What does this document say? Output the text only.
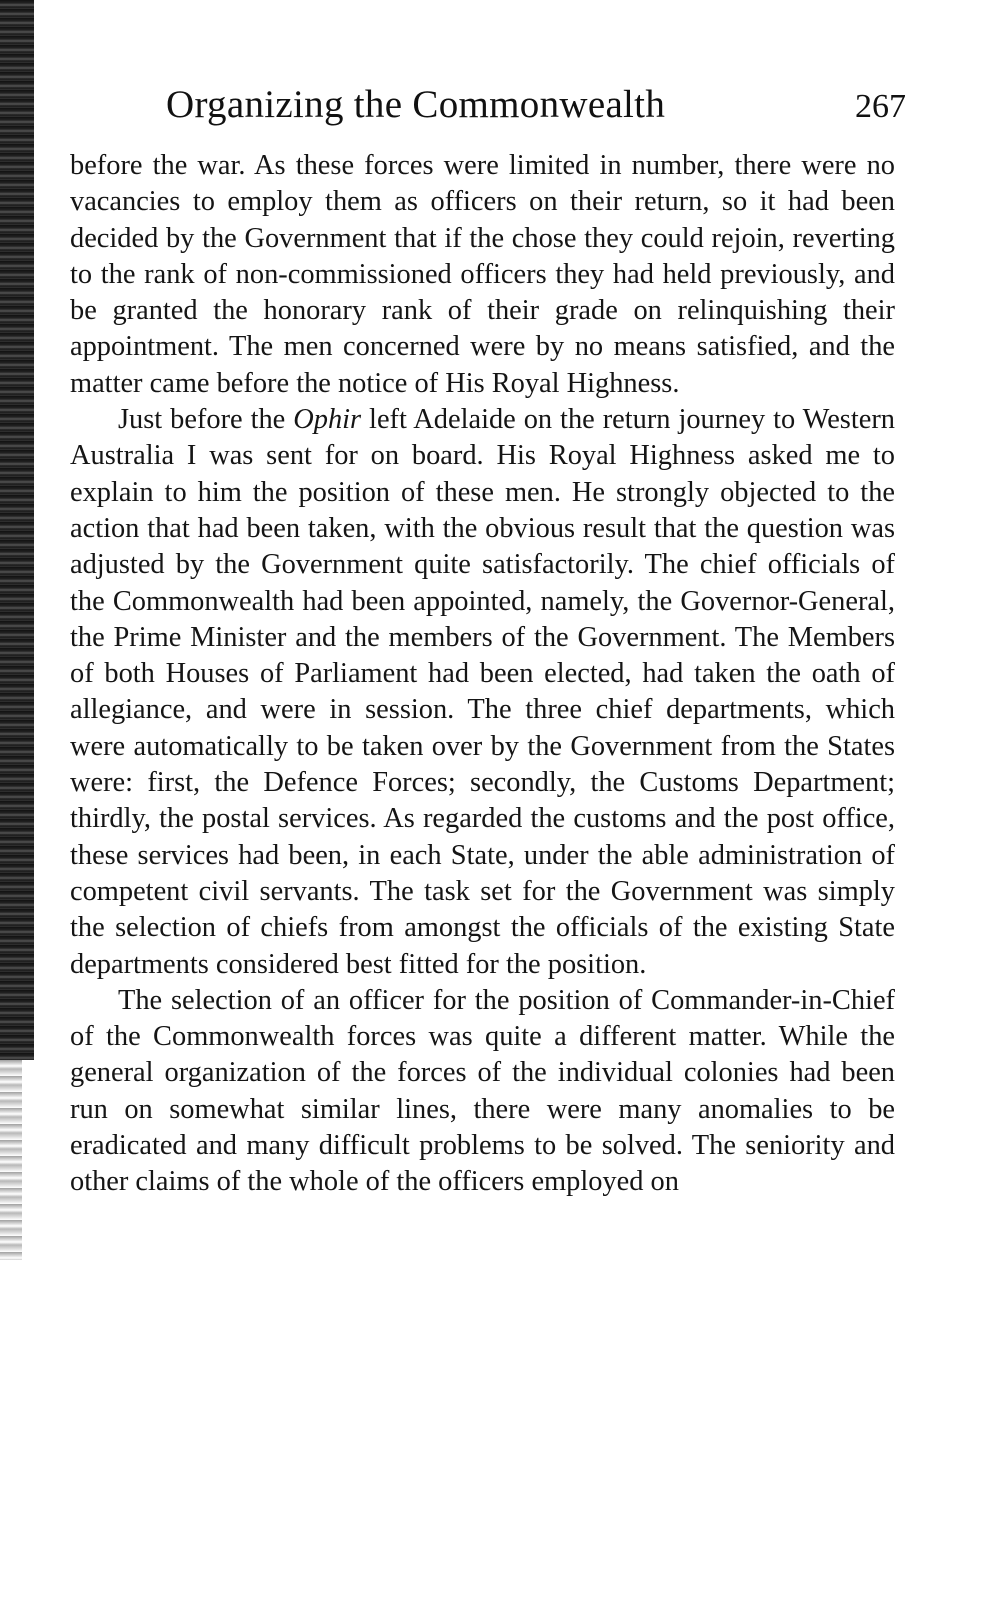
Organizing the Commonwealth	267

before the war. As these forces were limited in number, there were no vacancies to employ them as officers on their return, so it had been decided by the Government that if the chose they could rejoin, reverting to the rank of non-commissioned officers they had held previously, and be granted the honorary rank of their grade on relinquishing their appointment. The men concerned were by no means satisfied, and the matter came before the notice of His Royal Highness.

Just before the Ophir left Adelaide on the return journey to Western Australia I was sent for on board. His Royal Highness asked me to explain to him the position of these men. He strongly objected to the action that had been taken, with the obvious result that the question was adjusted by the Government quite satisfactorily. The chief officials of the Commonwealth had been appointed, namely, the Governor-General, the Prime Minister and the members of the Government. The Members of both Houses of Parliament had been elected, had taken the oath of allegiance, and were in session. The three chief departments, which were automatically to be taken over by the Government from the States were: first, the Defence Forces; secondly, the Customs Department; thirdly, the postal services. As regarded the customs and the post office, these services had been, in each State, under the able administration of competent civil servants. The task set for the Government was simply the selection of chiefs from amongst the officials of the existing State departments considered best fitted for the position.

The selection of an officer for the position of Commander-in-Chief of the Commonwealth forces was quite a different matter. While the general organization of the forces of the individual colonies had been run on somewhat similar lines, there were many anomalies to be eradicated and many difficult problems to be solved. The seniority and other claims of the whole of the officers employed on
